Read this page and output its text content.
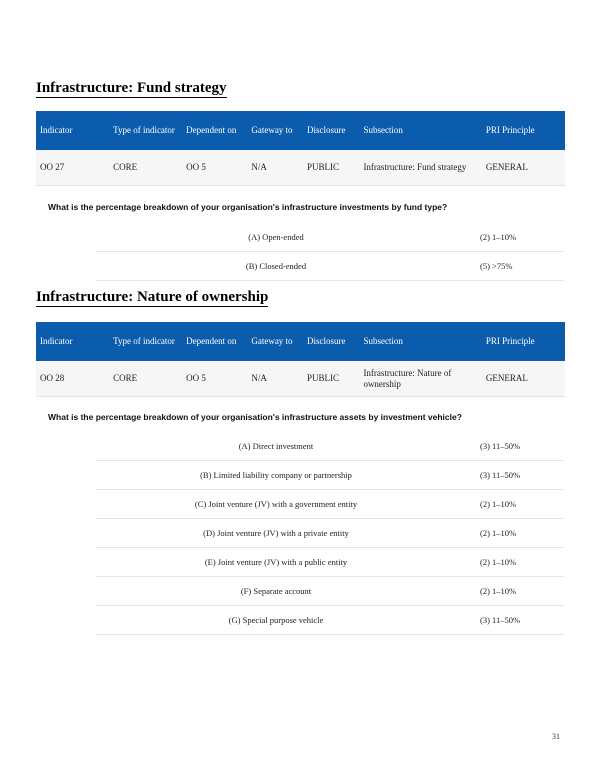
Infrastructure: Fund strategy
Indicator	Type of indicator	Dependent on	Gateway to	Disclosure	Subsection	PRI Principle
OO 27	CORE	OO 5	N/A	PUBLIC	Infrastructure: Fund strategy	GENERAL

What is the percentage breakdown of your organisation's infrastructure investments by fund type?

(A) Open-ended	(2) 1–10%
(B) Closed-ended	(5) >75%
Infrastructure: Nature of ownership
Indicator	Type of indicator	Dependent on	Gateway to	Disclosure	Subsection	PRI Principle
OO 28	CORE	OO 5	N/A	PUBLIC	Infrastructure: Nature of ownership	GENERAL

What is the percentage breakdown of your organisation's infrastructure assets by investment vehicle?

(A) Direct investment	(3) 11–50%
(B) Limited liability company or partnership	(3) 11–50%
(C) Joint venture (JV) with a government entity	(2) 1–10%
(D) Joint venture (JV) with a private entity	(2) 1–10%
(E) Joint venture (JV) with a public entity	(2) 1–10%
(F) Separate account	(2) 1–10%
(G) Special purpose vehicle	(3) 11–50%
31
